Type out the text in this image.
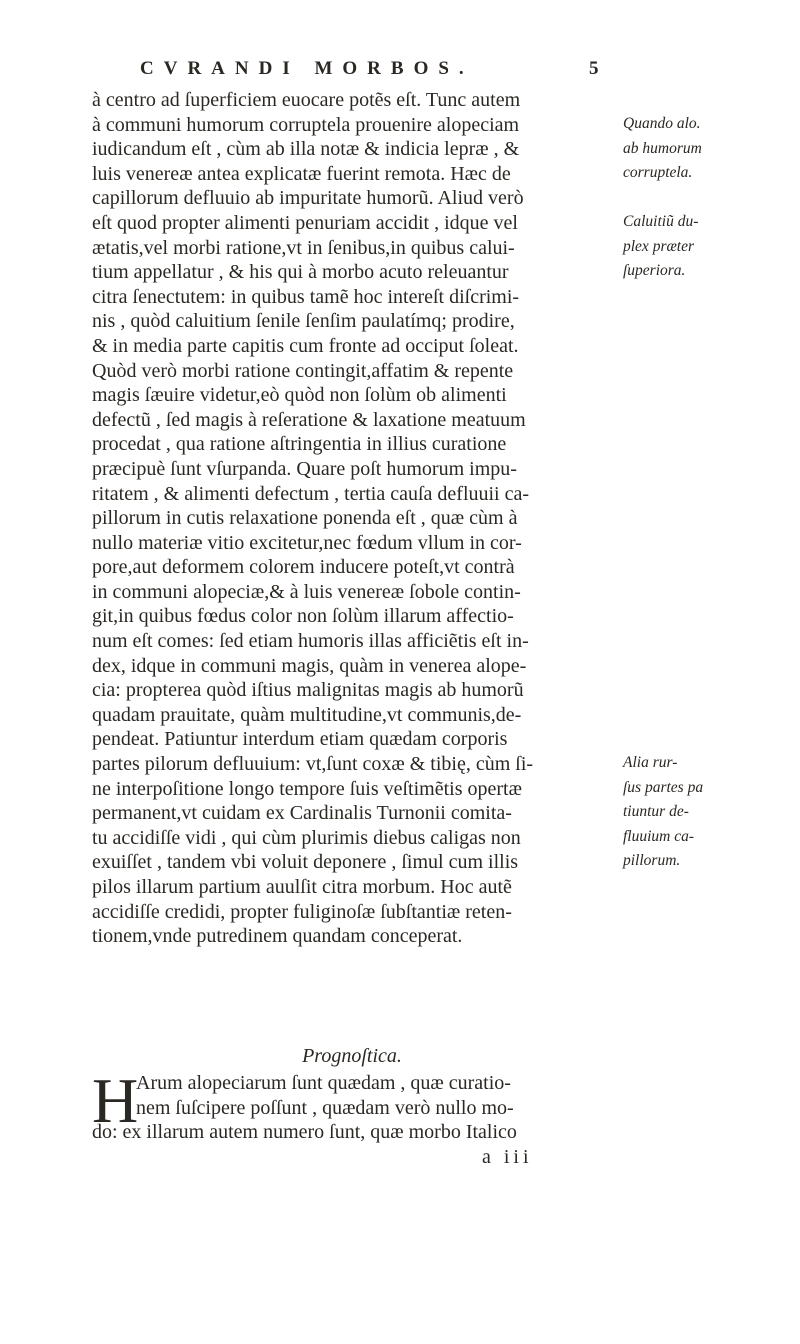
CVRANDI MORBOS.	5
à centro ad ſuperficiem euocare potẽs eſt. Tunc autem
à communi humorum corruptela prouenire alopeciam
iudicandum eſt , cùm ab illa notæ & indicia lepræ , &
luis venereæ antea explicatæ fuerint remota. Hæc de
capillorum defluuio ab impuritate humorũ. Aliud verò
eſt quod propter alimenti penuriam accidit , idque vel
ætatis,vel morbi ratione,vt in ſenibus,in quibus calui-
tium appellatur , & his qui à morbo acuto releuantur
citra ſenectutem: in quibus tamẽ hoc intereſt diſcrimi-
nis , quòd caluitium ſenile ſenſim paulatímq; prodire,
& in media parte capitis cum fronte ad occiput ſoleat.
Quòd verò morbi ratione contingit,affatim & repente
magis ſæuire videtur,eò quòd non ſolùm ob alimenti
defectũ , ſed magis à reſeratione & laxatione meatuum
procedat , qua ratione aſtringentia in illius curatione
præcipuè ſunt vſurpanda. Quare poſt humorum impu-
ritatem , & alimenti defectum , tertia cauſa defluuii ca-
pillorum in cutis relaxatione ponenda eſt , quæ cùm à
nullo materiæ vitio excitetur,nec fœdum vllum in cor-
pore,aut deformem colorem inducere poteſt,vt contrà
in communi alopeciæ,& à luis venereæ ſobole contin-
git,in quibus fœdus color non ſolùm illarum affectio-
num eſt comes: ſed etiam humoris illas afficiẽtis eſt in-
dex, idque in communi magis, quàm in venerea alope-
cia: propterea quòd iſtius malignitas magis ab humorũ
quadam prauitate, quàm multitudine,vt communis,de-
pendeat. Patiuntur interdum etiam quædam corporis
partes pilorum defluuium: vt,ſunt coxæ & tibię, cùm ſi-
ne interpoſitione longo tempore ſuis veſtimẽtis opertæ
permanent,vt cuidam ex Cardinalis Turnonii comita-
tu accidiſſe vidi , qui cùm plurimis diebus caligas non
exuiſſet , tandem vbi voluit deponere , ſimul cum illis
pilos illarum partium auulſit citra morbum. Hoc autẽ
accidiſſe credidi, propter fuliginoſæ ſubſtantiæ reten-
tionem,vnde putredinem quandam conceperat.
Quando alo.
ab humorum
corruptela.
Caluitiũ du-
plex præter
ſuperiora.
Alia rur-
ſus partes pa
tiuntur de-
fluuium ca-
pillorum.
Prognoſtica.
H
Arum alopeciarum ſunt quædam , quæ curatio-
nem ſuſcipere poſſunt , quædam verò nullo mo-
do: ex illarum autem numero ſunt, quæ morbo Italico
a iii
